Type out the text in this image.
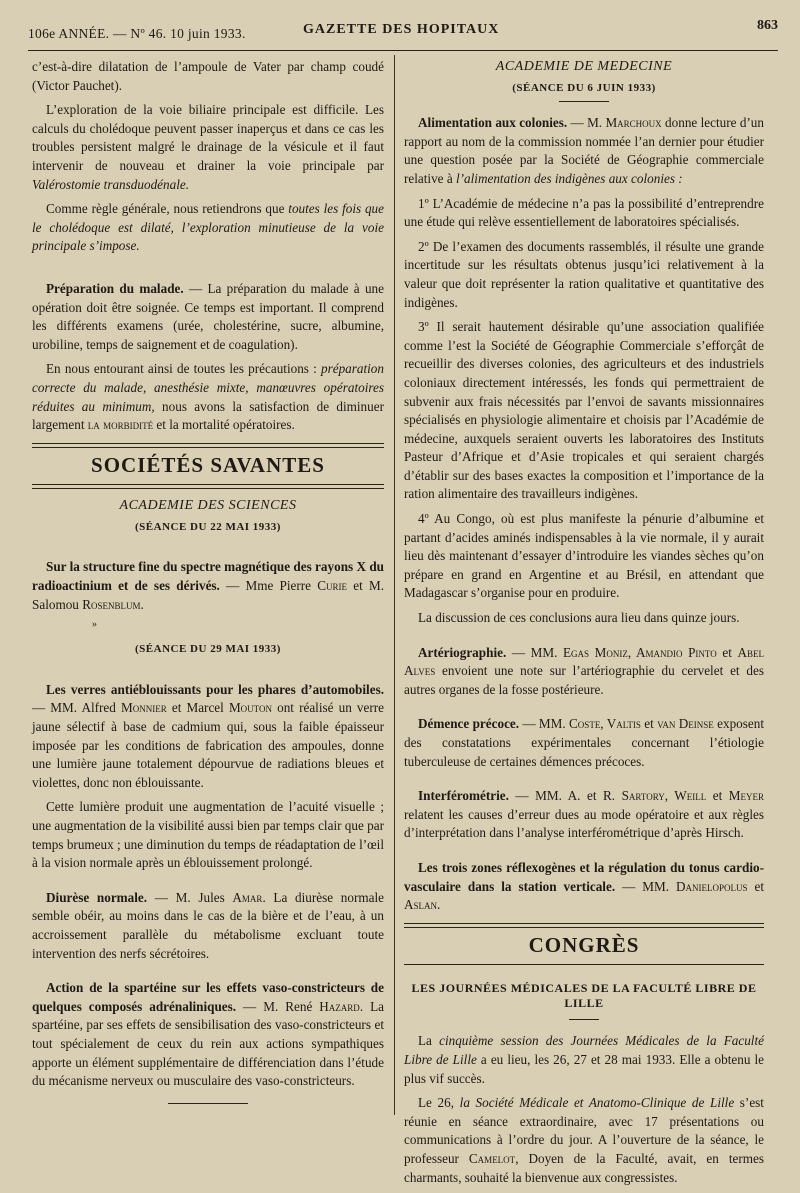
106e ANNÉE. — Nº 46. 10 juin 1933.	GAZETTE DES HOPITAUX	863

c’est-à-dire dilatation de l’ampoule de Vater par champ coudé (Victor Pauchet).

L’exploration de la voie biliaire principale est difficile. Les calculs du cholédoque peuvent passer inaperçus et dans ce cas les troubles persistent malgré le drainage de la vésicule et il faut intervenir de nouveau et drainer la voie principale par Valérostomie transduodénale.

Comme règle générale, nous retiendrons que toutes les fois que le cholédoque est dilaté, l’exploration minutieuse de la voie principale s’impose.

Préparation du malade. — La préparation du malade à une opération doit être soignée. Ce temps est important. Il comprend les différents examens (urée, cholestérine, sucre, albumine, urobiline, temps de saignement et de coagulation).

En nous entourant ainsi de toutes les précautions : préparation correcte du malade, anesthésie mixte, manœuvres opératoires réduites au minimum, nous avons la satisfaction de diminuer largement la morbidité et la mortalité opératoires.

SOCIÉTÉS SAVANTES
ACADEMIE DES SCIENCES
(SÉANCE DU 22 MAI 1933)

Sur la structure fine du spectre magnétique des rayons X du radioactinium et de ses dérivés. — Mme Pierre Curie et M. Salomou Rosenblum.

»
(SÉANCE DU 29 MAI 1933)

Les verres antiéblouissants pour les phares d’automobiles. — MM. Alfred Monnier et Marcel Mouton ont réalisé un verre jaune sélectif à base de cadmium qui, sous la faible épaisseur imposée par les conditions de fabrication des ampoules, donne une lumière jaune totalement dépourvue de radiations bleues et violettes, donc non éblouissante.

Cette lumière produit une augmentation de l’acuité visuelle ; une augmentation de la visibilité aussi bien par temps clair que par temps brumeux ; une diminution du temps de réadaptation de l’œil à la vision normale après un éblouissement prolongé.

Diurèse normale. — M. Jules Amar. La diurèse normale semble obéir, au moins dans le cas de la bière et de l’eau, à un accroissement parallèle du métabolisme excluant toute intervention des nerfs sécrétoires.

Action de la spartéine sur les effets vaso-constricteurs de quelques composés adrénaliniques. — M. René Hazard. La spartéine, par ses effets de sensibilisation des vaso-constricteurs et tout spécialement de ceux du rein aux actions sympathiques apporte un élément supplémentaire de différenciation dans l’étude du mécanisme nerveux ou musculaire des vaso-constricteurs.

ACADEMIE DE MEDECINE
(SÉANCE DU 6 JUIN 1933)

Alimentation aux colonies. — M. Marchoux donne lecture d’un rapport au nom de la commission nommée l’an dernier pour étudier une question posée par la Société de Géographie commerciale relative à l’alimentation des indigènes aux colonies :

1º L’Académie de médecine n’a pas la possibilité d’entreprendre une étude qui relève essentiellement de laboratoires spécialisés.

2º De l’examen des documents rassemblés, il résulte une grande incertitude sur les résultats obtenus jusqu’ici relativement à la valeur que doit représenter la ration qualitative et quantitative des indigènes.

3º Il serait hautement désirable qu’une association qualifiée comme l’est la Société de Géographie Commerciale s’efforçât de recueillir des diverses colonies, des agriculteurs et des industriels coloniaux directement intéressés, les fonds qui permettraient de subvenir aux frais nécessités par l’envoi de savants missionnaires spécialisés en physiologie alimentaire et choisis par l’Académie de médecine, auxquels seraient ouverts les laboratoires des Instituts Pasteur d’Afrique et d’Asie tropicales et qui seraient chargés d’établir sur des bases exactes la composition et l’importance de la ration alimentaire des travailleurs indigènes.

4º Au Congo, où est plus manifeste la pénurie d’albumine et partant d’acides aminés indispensables à la vie normale, il y aurait lieu dès maintenant d’essayer d’introduire les viandes sèches qu’on prépare en grand en Argentine et au Brésil, en attendant que Madagascar s’organise pour en produire.

La discussion de ces conclusions aura lieu dans quinze jours.

Artériographie. — MM. Egas Moniz, Amandio Pinto et Abel Alves envoient une note sur l’artériographie du cervelet et des autres organes de la fosse postérieure.

Démence précoce. — MM. Coste, Valtis et van Deinse exposent des constatations expérimentales concernant l’étiologie tuberculeuse de certaines démences précoces.

Interférométrie. — MM. A. et R. Sartory, Weill et Meyer relatent les causes d’erreur dues au mode opératoire et aux règles d’interprétation dans l’analyse interférométrique d’après Hirsch.

Les trois zones réflexogènes et la régulation du tonus cardio-vasculaire dans la station verticale. — MM. Danielopolus et Aslan.

CONGRÈS
LES JOURNÉES MÉDICALES DE LA FACULTÉ LIBRE DE LILLE

La cinquième session des Journées Médicales de la Faculté Libre de Lille a eu lieu, les 26, 27 et 28 mai 1933. Elle a obtenu le plus vif succès.

Le 26, la Société Médicale et Anatomo-Clinique de Lille s’est réunie en séance extraordinaire, avec 17 présentations ou communications à l’ordre du jour. A l’ouverture de la séance, le professeur Camelot, Doyen de la Faculté, avait, en termes charmants, souhaité la bienvenue aux congressistes.
